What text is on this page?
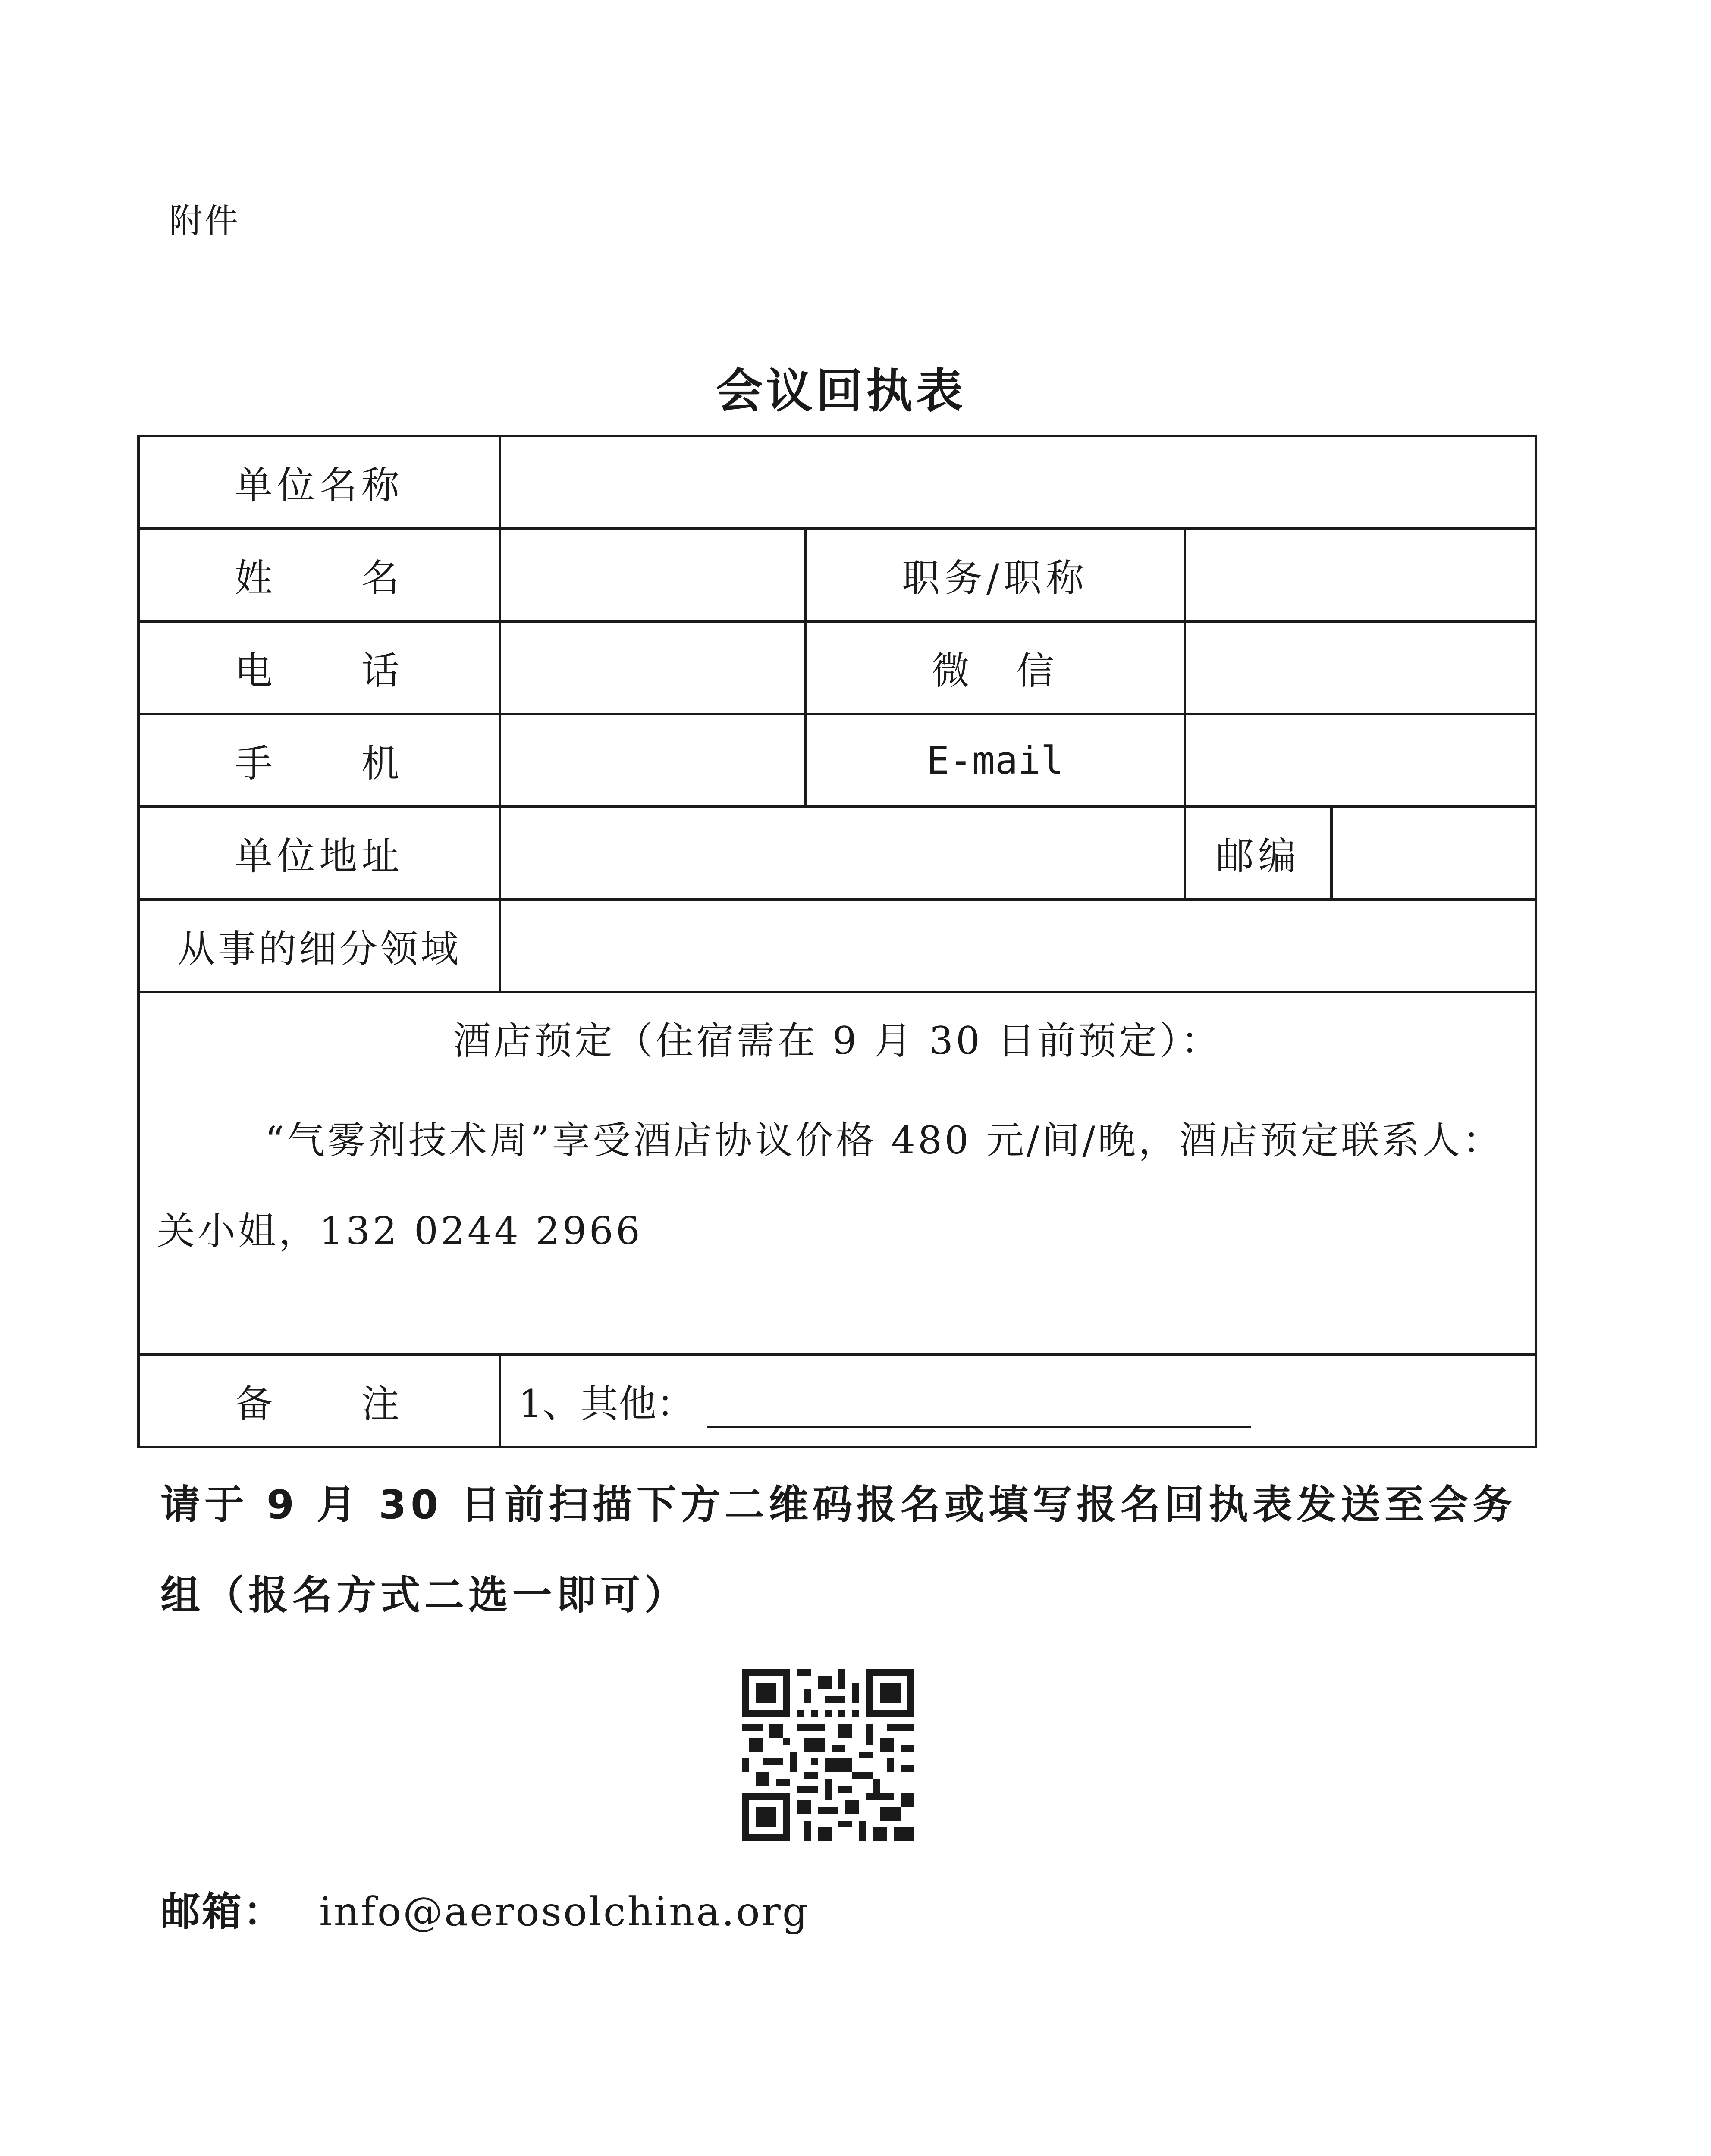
附件
会议回执表
单位名称				
姓　　名		职务/职称		
电　　话		微　信		
手　　机		E-mail		
单位地址			邮编	
从事的细分领域				

酒店预定（住宿需在 9 月 30 日前预定）：
“气雾剂技术周”享受酒店协议价格 480 元/间/晚，酒店预定联系人：关小姐，132 0244 2966				

备　　注	1、其他：			
请于 9 月 30 日前扫描下方二维码报名或填写报名回执表发送至会务组（报名方式二选一即可）
邮箱： info@aerosolchina.org
